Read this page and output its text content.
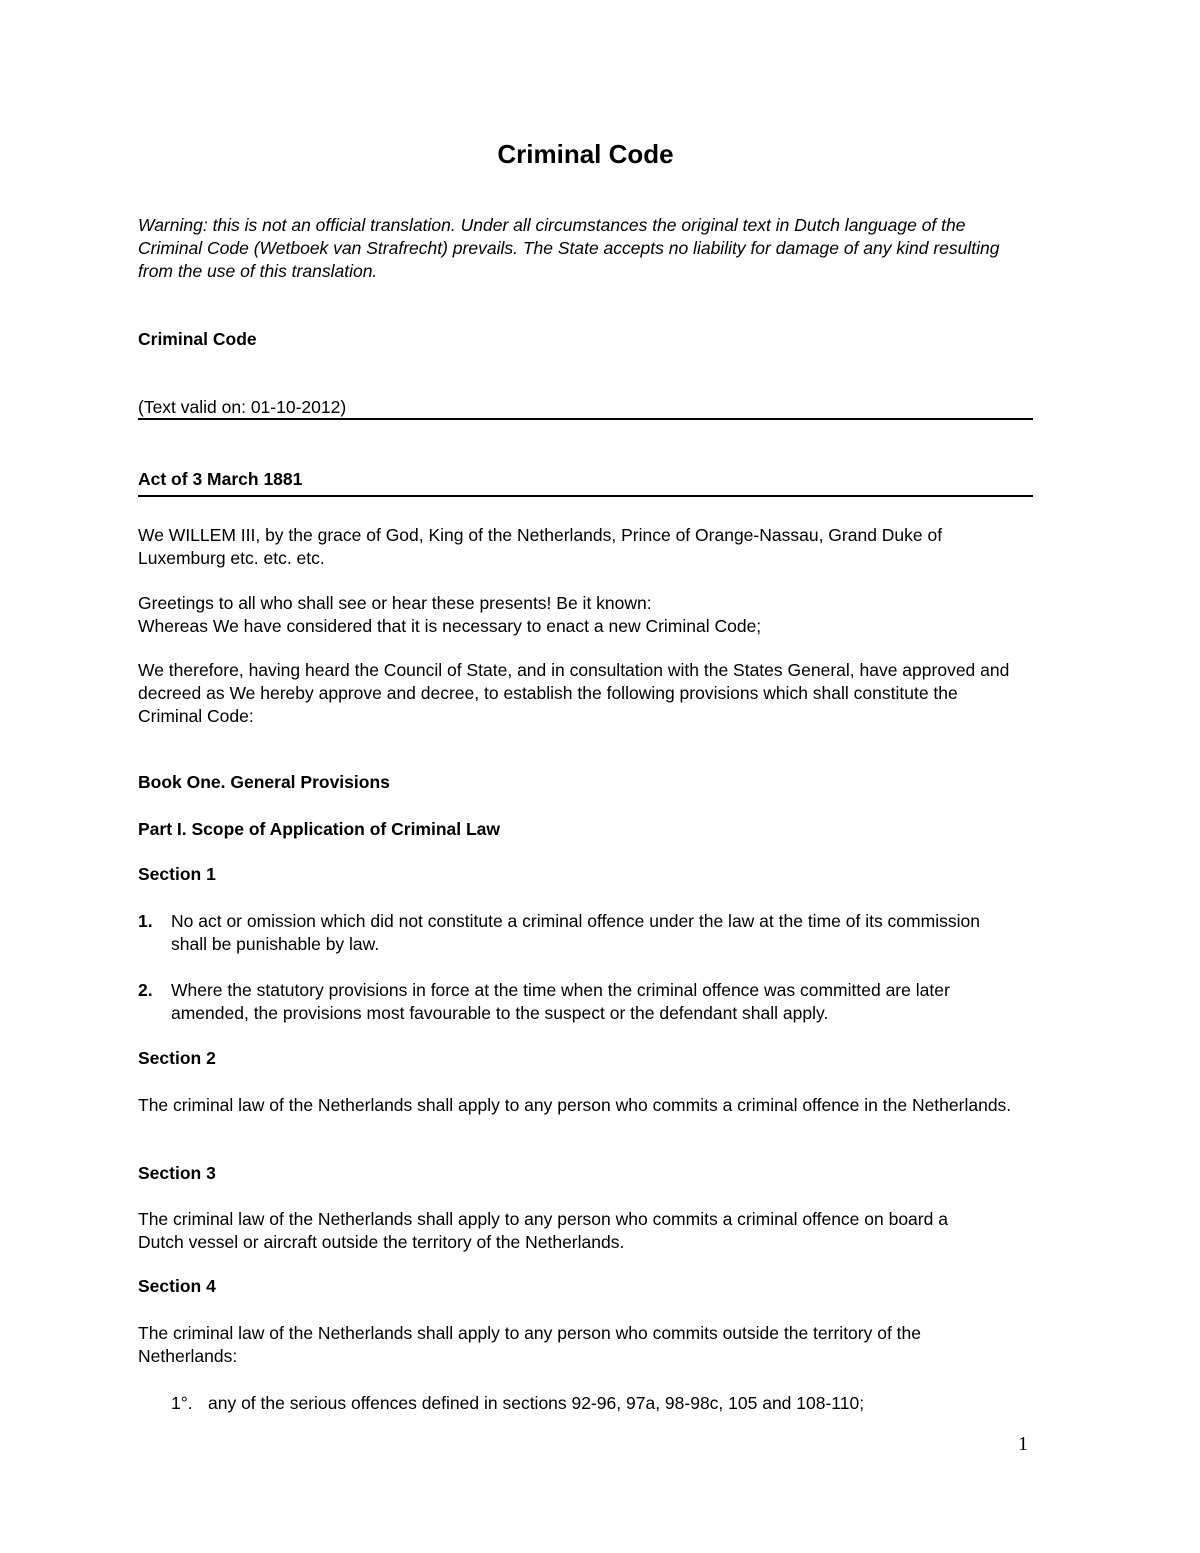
Criminal Code
Warning: this is not an official translation. Under all circumstances the original text in Dutch language of the Criminal Code (Wetboek van Strafrecht) prevails. The State accepts no liability for damage of any kind resulting from the use of this translation.
Criminal Code
(Text valid on: 01-10-2012)
Act of 3 March 1881
We WILLEM III, by the grace of God, King of the Netherlands, Prince of Orange-Nassau, Grand Duke of Luxemburg etc. etc. etc.
Greetings to all who shall see or hear these presents! Be it known:
Whereas We have considered that it is necessary to enact a new Criminal Code;
We therefore, having heard the Council of State, and in consultation with the States General, have approved and decreed as We hereby approve and decree, to establish the following provisions which shall constitute the Criminal Code:
Book One. General Provisions
Part I. Scope of Application of Criminal Law
Section 1
1. No act or omission which did not constitute a criminal offence under the law at the time of its commission shall be punishable by law.
2. Where the statutory provisions in force at the time when the criminal offence was committed are later amended, the provisions most favourable to the suspect or the defendant shall apply.
Section 2
The criminal law of the Netherlands shall apply to any person who commits a criminal offence in the Netherlands.
Section 3
The criminal law of the Netherlands shall apply to any person who commits a criminal offence on board a Dutch vessel or aircraft outside the territory of the Netherlands.
Section 4
The criminal law of the Netherlands shall apply to any person who commits outside the territory of the Netherlands:
1°. any of the serious offences defined in sections 92-96, 97a, 98-98c, 105 and 108-110;
1
